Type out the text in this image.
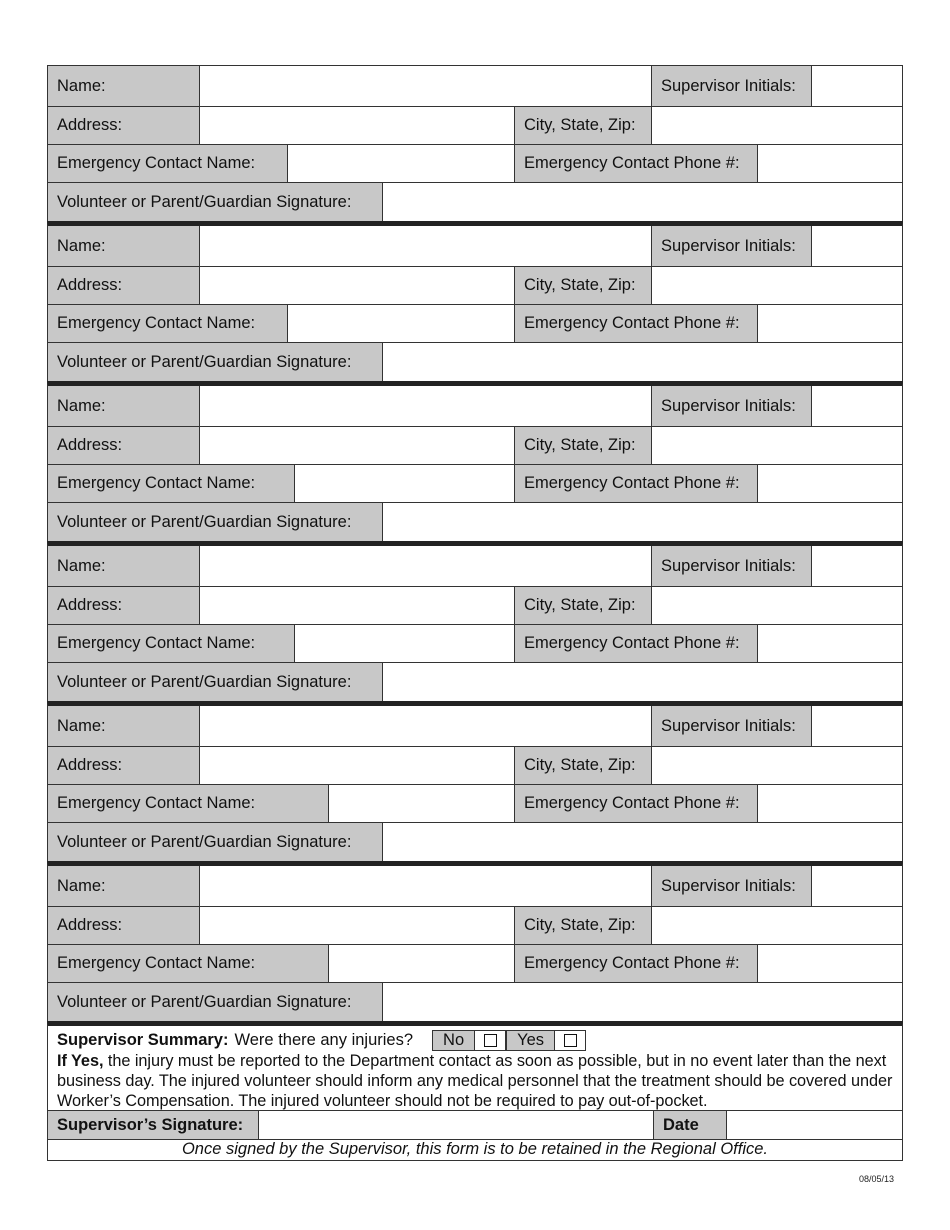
Name:	Supervisor Initials:
Address:	City, State, Zip:
Emergency Contact Name:	Emergency Contact Phone #:
Volunteer or Parent/Guardian Signature:
Name:	Supervisor Initials:
Address:	City, State, Zip:
Emergency Contact Name:	Emergency Contact Phone #:
Volunteer or Parent/Guardian Signature:
Name:	Supervisor Initials:
Address:	City, State, Zip:
Emergency Contact Name:	Emergency Contact Phone #:
Volunteer or Parent/Guardian Signature:
Name:	Supervisor Initials:
Address:	City, State, Zip:
Emergency Contact Name:	Emergency Contact Phone #:
Volunteer or Parent/Guardian Signature:
Name:	Supervisor Initials:
Address:	City, State, Zip:
Emergency Contact Name:	Emergency Contact Phone #:
Volunteer or Parent/Guardian Signature:
Name:	Supervisor Initials:
Address:	City, State, Zip:
Emergency Contact Name:	Emergency Contact Phone #:
Volunteer or Parent/Guardian Signature:
Supervisor Summary: Were there any injuries?	No	Yes
If Yes, the injury must be reported to the Department contact as soon as possible, but in no event later than the next business day. The injured volunteer should inform any medical personnel that the treatment should be covered under Worker’s Compensation. The injured volunteer should not be required to pay out-of-pocket.
Supervisor’s Signature:	Date
Once signed by the Supervisor, this form is to be retained in the Regional Office.
08/05/13
